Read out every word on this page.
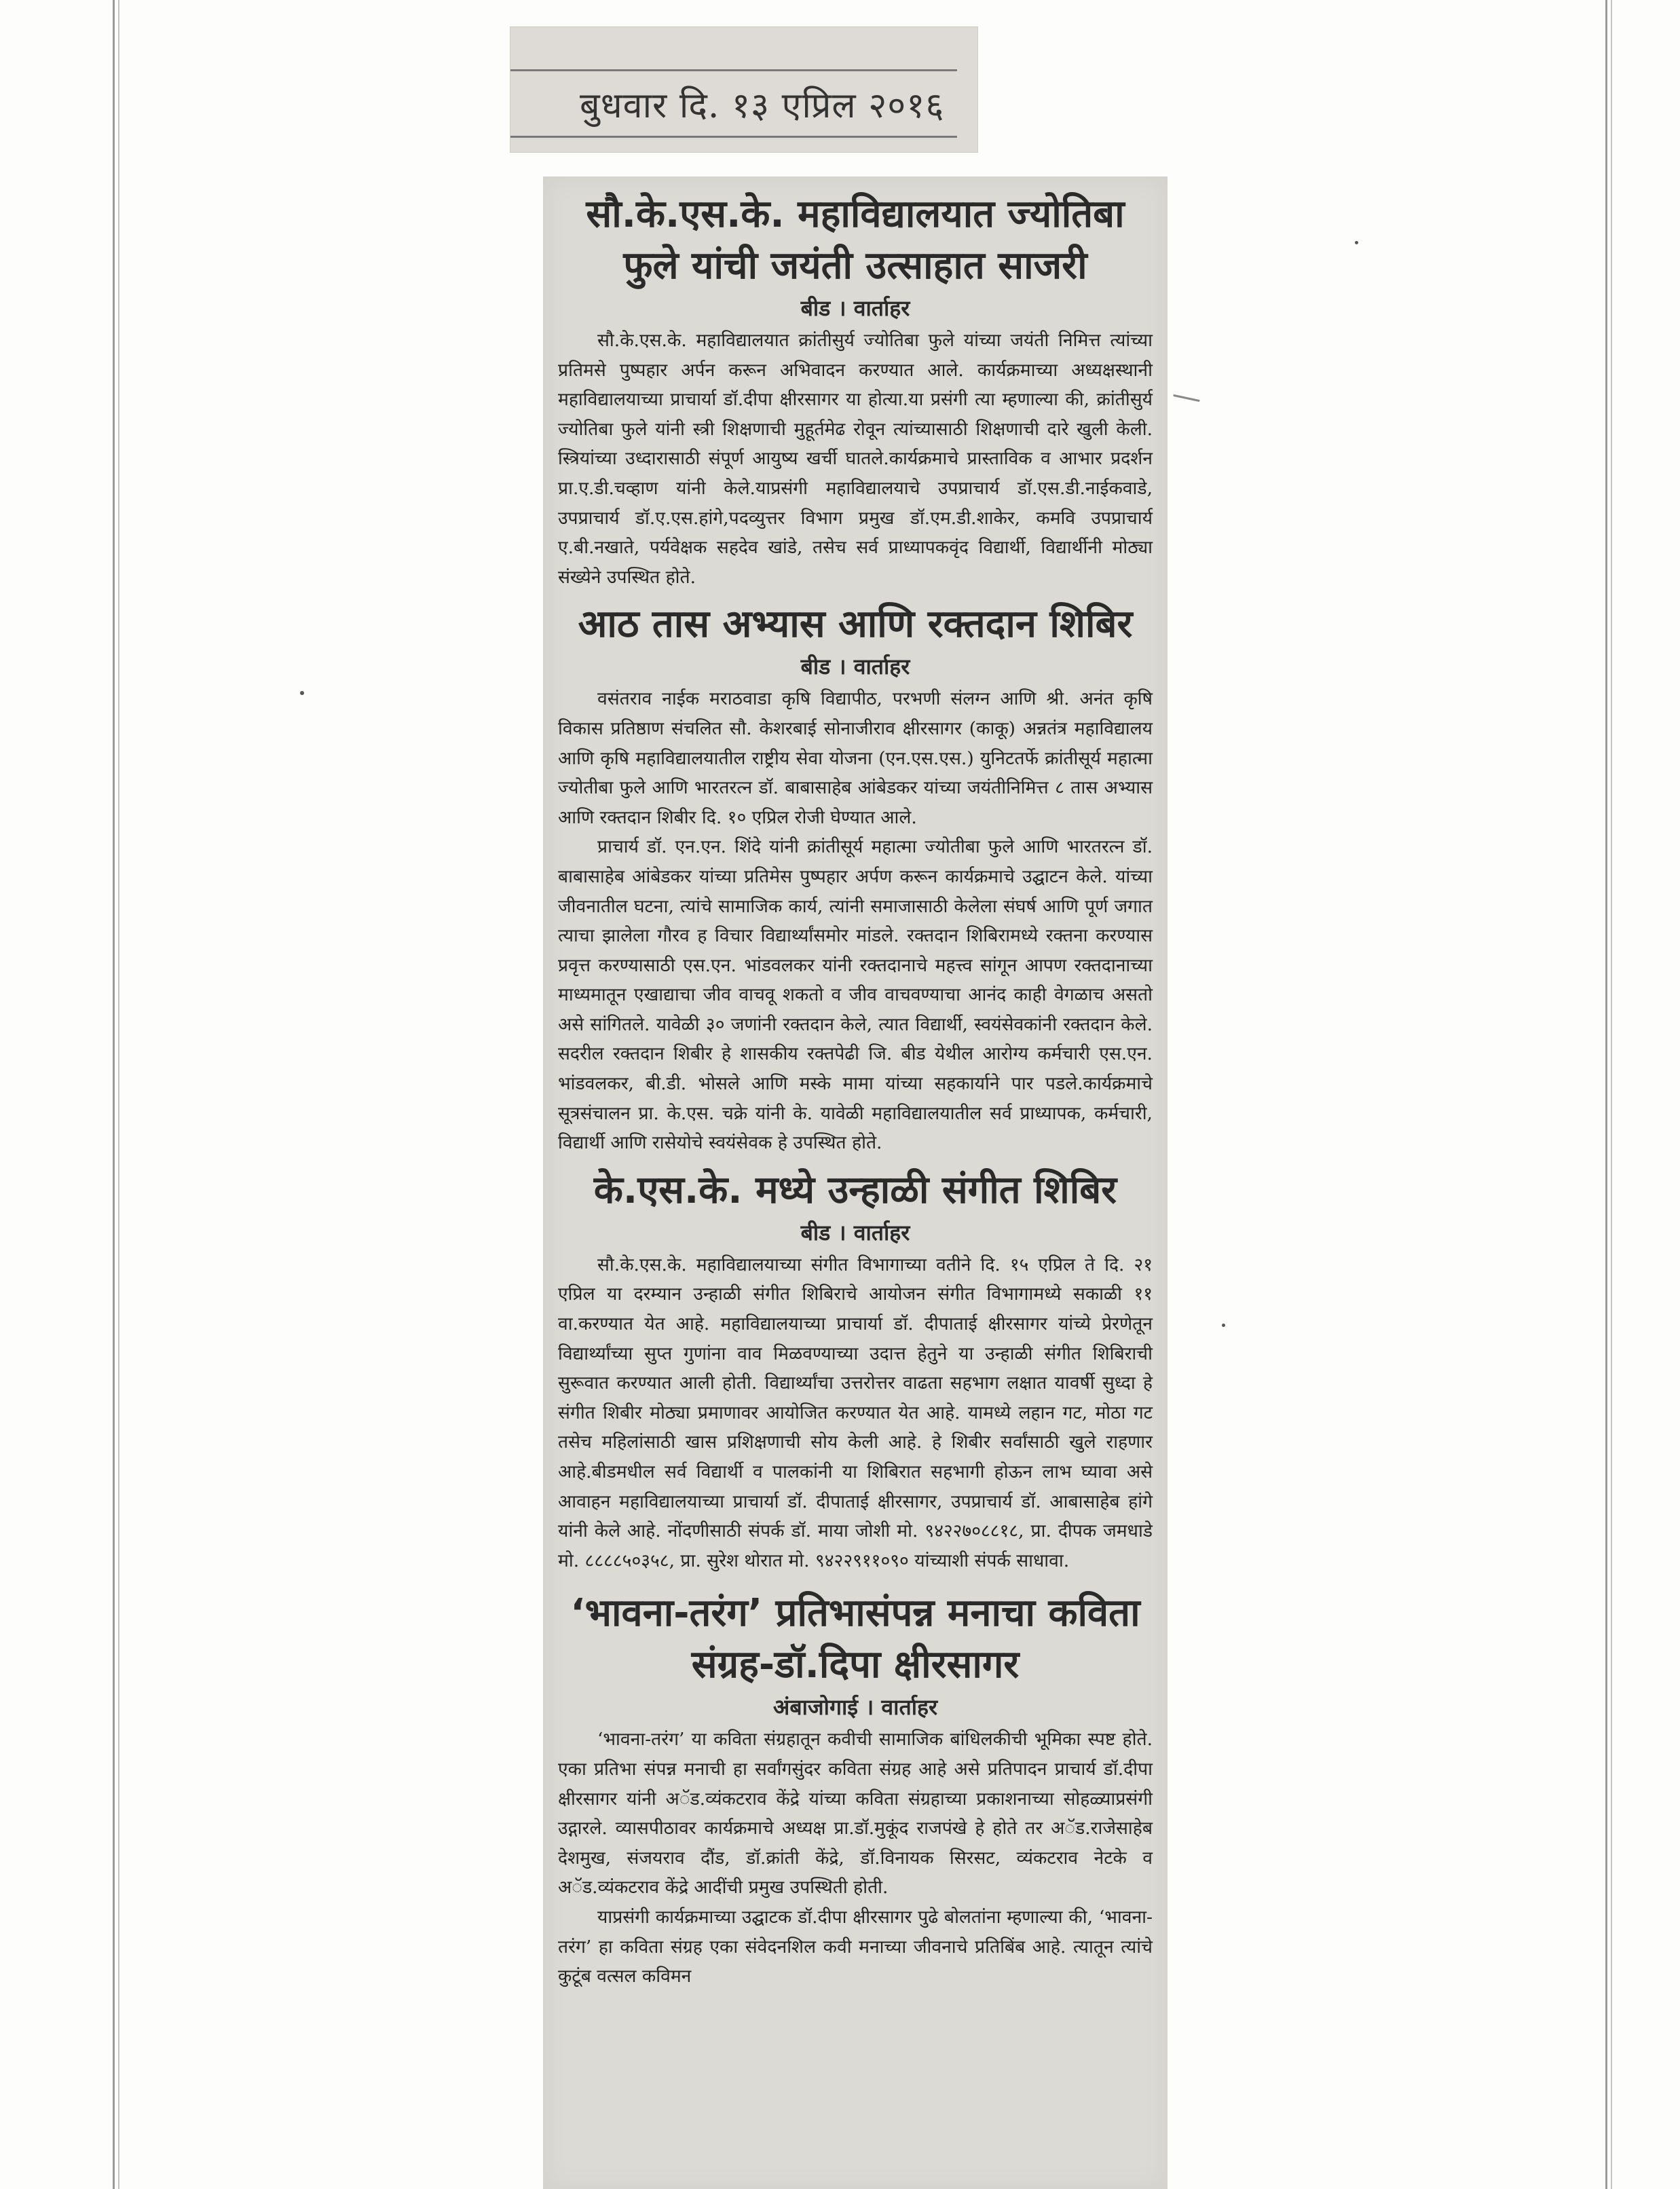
बुधवार दि. १३ एप्रिल २०१६
सौ.के.एस.के. महाविद्यालयात ज्योतिबा फुले यांची जयंती उत्साहात साजरी
बीड । वार्ताहर

सौ.के.एस.के. महाविद्यालयात क्रांतीसुर्य ज्योतिबा फुले यांच्या जयंती निमित्त त्यांच्या प्रतिमसे पुष्पहार अर्पन करून अभिवादन करण्यात आले. कार्यक्रमाच्या अध्यक्षस्थानी महाविद्यालयाच्या प्राचार्या डॉ.दीपा क्षीरसागर या होत्या.या प्रसंगी त्या म्हणाल्या की, क्रांतीसुर्य ज्योतिबा फुले यांनी स्त्री शिक्षणाची मुहूर्तमेढ रोवून त्यांच्यासाठी शिक्षणाची दारे खुली केली. स्त्रियांच्या उध्दारासाठी संपूर्ण आयुष्य खर्ची घातले.कार्यक्रमाचे प्रास्ताविक व आभार प्रदर्शन प्रा.ए.डी.चव्हाण यांनी केले.याप्रसंगी महाविद्यालयाचे उपप्राचार्य डॉ.एस.डी.नाईकवाडे, उपप्राचार्य डॉ.ए.एस.हांगे,पदव्युत्तर विभाग प्रमुख डॉ.एम.डी.शाकेर, कमवि उपप्राचार्य ए.बी.नखाते, पर्यवेक्षक सहदेव खांडे, तसेच सर्व प्राध्यापकवृंद विद्यार्थी, विद्यार्थीनी मोठ्या संख्येने उपस्थित होते.

आठ तास अभ्यास आणि रक्तदान शिबिर
बीड । वार्ताहर

वसंतराव नाईक मराठवाडा कृषि विद्यापीठ, परभणी संलग्न आणि श्री. अनंत कृषि विकास प्रतिष्ठाण संचलित सौ. केशरबाई सोनाजीराव क्षीरसागर (काकू) अन्नतंत्र महाविद्यालय आणि कृषि महाविद्यालयातील राष्ट्रीय सेवा योजना (एन.एस.एस.) युनिटतर्फे क्रांतीसूर्य महात्मा ज्योतीबा फुले आणि भारतरत्न डॉ. बाबासाहेब आंबेडकर यांच्या जयंतीनिमित्त ८ तास अभ्यास आणि रक्तदान शिबीर दि. १० एप्रिल रोजी घेण्यात आले.

प्राचार्य डॉ. एन.एन. शिंदे यांनी क्रांतीसूर्य महात्मा ज्योतीबा फुले आणि भारतरत्न डॉ. बाबासाहेब आंबेडकर यांच्या प्रतिमेस पुष्पहार अर्पण करून कार्यक्रमाचे उद्घाटन केले. यांच्या जीवनातील घटना, त्यांचे सामाजिक कार्य, त्यांनी समाजासाठी केलेला संघर्ष आणि पूर्ण जगात त्याचा झालेला गौरव ह विचार विद्यार्थ्यांसमोर मांडले. रक्तदान शिबिरामध्ये रक्तना करण्यास प्रवृत्त करण्यासाठी एस.एन. भांडवलकर यांनी रक्तदानाचे महत्त्व सांगून आपण रक्तदानाच्या माध्यमातून एखाद्याचा जीव वाचवू शकतो व जीव वाचवण्याचा आनंद काही वेगळाच असतो असे सांगितले. यावेळी ३० जणांनी रक्तदान केले, त्यात विद्यार्थी, स्वयंसेवकांनी रक्तदान केले. सदरील रक्तदान शिबीर हे शासकीय रक्तपेढी जि. बीड येथील आरोग्य कर्मचारी एस.एन. भांडवलकर, बी.डी. भोसले आणि मस्के मामा यांच्या सहकार्याने पार पडले.कार्यक्रमाचे सूत्रसंचालन प्रा. के.एस. चक्रे यांनी के. यावेळी महाविद्यालयातील सर्व प्राध्यापक, कर्मचारी, विद्यार्थी आणि रासेयोचे स्वयंसेवक हे उपस्थित होते.

के.एस.के. मध्ये उन्हाळी संगीत शिबिर
बीड । वार्ताहर

सौ.के.एस.के. महाविद्यालयाच्या संगीत विभागाच्या वतीने दि. १५ एप्रिल ते दि. २१ एप्रिल या दरम्यान उन्हाळी संगीत शिबिराचे आयोजन संगीत विभागामध्ये सकाळी ११ वा.करण्यात येत आहे. महाविद्यालयाच्या प्राचार्या डॉ. दीपाताई क्षीरसागर यांच्ये प्रेरणेतून विद्यार्थ्यांच्या सुप्त गुणांना वाव मिळवण्याच्या उदात्त हेतुने या उन्हाळी संगीत शिबिराची सुरूवात करण्यात आली होती. विद्यार्थ्यांचा उत्तरोत्तर वाढता सहभाग लक्षात यावर्षी सुध्दा हे संगीत शिबीर मोठ्या प्रमाणावर आयोजित करण्यात येत आहे. यामध्ये लहान गट, मोठा गट तसेच महिलांसाठी खास प्रशिक्षणाची सोय केली आहे. हे शिबीर सर्वांसाठी खुले राहणार आहे.बीडमधील सर्व विद्यार्थी व पालकांनी या शिबिरात सहभागी होऊन लाभ घ्यावा असे आवाहन महाविद्यालयाच्या प्राचार्या डॉ. दीपाताई क्षीरसागर, उपप्राचार्य डॉ. आबासाहेब हांगे यांनी केले आहे. नोंदणीसाठी संपर्क डॉ. माया जोशी मो. ९४२२७०८८१८, प्रा. दीपक जमधाडे मो. ८८८८५०३५८, प्रा. सुरेश थोरात मो. ९४२२९११०९० यांच्याशी संपर्क साधावा.

‘भावना-तरंग’ प्रतिभासंपन्न मनाचा कविता संग्रह-डॉ.दिपा क्षीरसागर
अंबाजोगाई । वार्ताहर

‘भावना-तरंग’ या कविता संग्रहातून कवीची सामाजिक बांधिलकीची भूमिका स्पष्ट होते. एका प्रतिभा संपन्न मनाची हा सर्वांगसुंदर कविता संग्रह आहे असे प्रतिपादन प्राचार्य डॉ.दीपा क्षीरसागर यांनी अॅड.व्यंकटराव केंद्रे यांच्या कविता संग्रहाच्या प्रकाशनाच्या सोहळ्याप्रसंगी उद्गारले. व्यासपीठावर कार्यक्रमाचे अध्यक्ष प्रा.डॉ.मुकूंद राजपंखे हे होते तर अॅड.राजेसाहेब देशमुख, संजयराव दौंड, डॉ.क्रांती केंद्रे, डॉ.विनायक सिरसट, व्यंकटराव नेटके व अॅड.व्यंकटराव केंद्रे आदींची प्रमुख उपस्थिती होती.

याप्रसंगी कार्यक्रमाच्या उद्घाटक डॉ.दीपा क्षीरसागर पुढे बोलतांना म्हणाल्या की, ‘भावना-तरंग’ हा कविता संग्रह एका संवेदनशिल कवी मनाच्या जीवनाचे प्रतिबिंब आहे. त्यातून त्यांचे कुटूंब वत्सल कविमन
